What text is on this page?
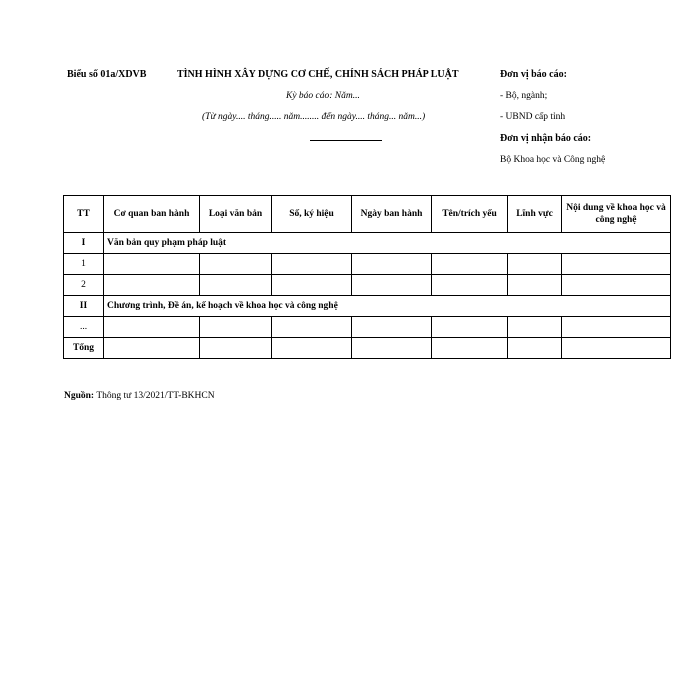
Biểu số 01a/XDVB	TÌNH HÌNH XÂY DỰNG CƠ CHẾ, CHÍNH SÁCH PHÁP LUẬT
Kỳ báo cáo: Năm...
(Từ ngày.... tháng..... năm........ đến ngày.... tháng... năm...)
Đơn vị báo cáo:
- Bộ, ngành;
- UBND cấp tỉnh
Đơn vị nhận báo cáo:
Bộ Khoa học và Công nghệ
TT	Cơ quan ban hành	Loại văn bản	Số, ký hiệu	Ngày ban hành	Tên/trích yếu	Lĩnh vực	Nội dung về khoa học và công nghệ
I	Văn bản quy phạm pháp luật						
1							
2							
II	Chương trình, Đề án, kế hoạch về khoa học và công nghệ						
...							
Tổng							
Nguồn: Thông tư 13/2021/TT-BKHCN
